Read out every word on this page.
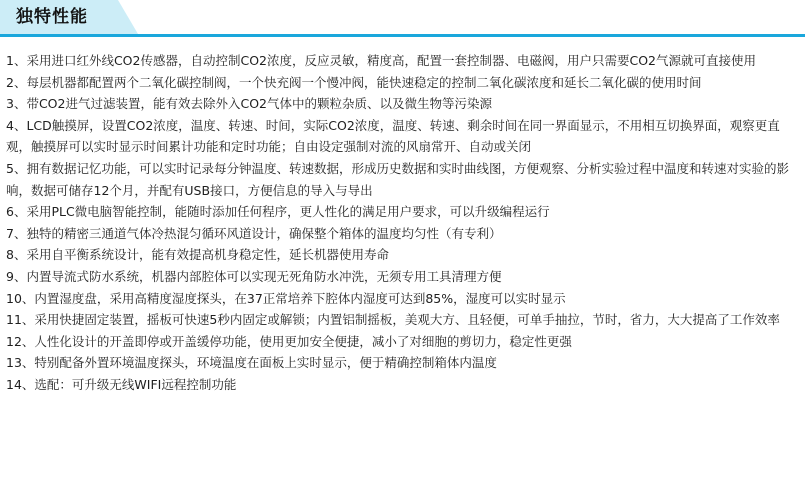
独特性能

1、采用进口红外线CO2传感器，自动控制CO2浓度，反应灵敏，精度高，配置一套控制器、电磁阀，用户只需要CO2气源就可直接使用

2、每层机器都配置两个二氧化碳控制阀，一个快充阀一个慢冲阀，能快速稳定的控制二氧化碳浓度和延长二氧化碳的使用时间

3、带CO2进气过滤装置，能有效去除外入CO2气体中的颗粒杂质、以及微生物等污染源

4、LCD触摸屏，设置CO2浓度，温度、转速、时间，实际CO2浓度，温度、转速、剩余时间在同一界面显示，不用相互切换界面，观察更直观，触摸屏可以实时显示时间累计功能和定时功能；自由设定强制对流的风扇常开、自动或关闭

5、拥有数据记忆功能，可以实时记录每分钟温度、转速数据，形成历史数据和实时曲线图，方便观察、分析实验过程中温度和转速对实验的影响，数据可储存12个月，并配有USB接口，方便信息的导入与导出

6、采用PLC微电脑智能控制，能随时添加任何程序，更人性化的满足用户要求，可以升级编程运行

7、独特的精密三通道气体冷热混匀循环风道设计，确保整个箱体的温度均匀性（有专利）

8、采用自平衡系统设计，能有效提高机身稳定性，延长机器使用寿命

9、内置导流式防水系统，机器内部腔体可以实现无死角防水冲洗，无须专用工具清理方便

10、内置湿度盘，采用高精度湿度探头，在37正常培养下腔体内湿度可达到85%，湿度可以实时显示

11、采用快捷固定装置，摇板可快速5秒内固定或解锁；内置铝制摇板，美观大方、且轻便，可单手抽拉，节时，省力，大大提高了工作效率

12、人性化设计的开盖即停或开盖缓停功能，使用更加安全便捷，减小了对细胞的剪切力，稳定性更强

13、特别配备外置环境温度探头，环境温度在面板上实时显示，便于精确控制箱体内温度

14、选配：可升级无线WIFI远程控制功能
